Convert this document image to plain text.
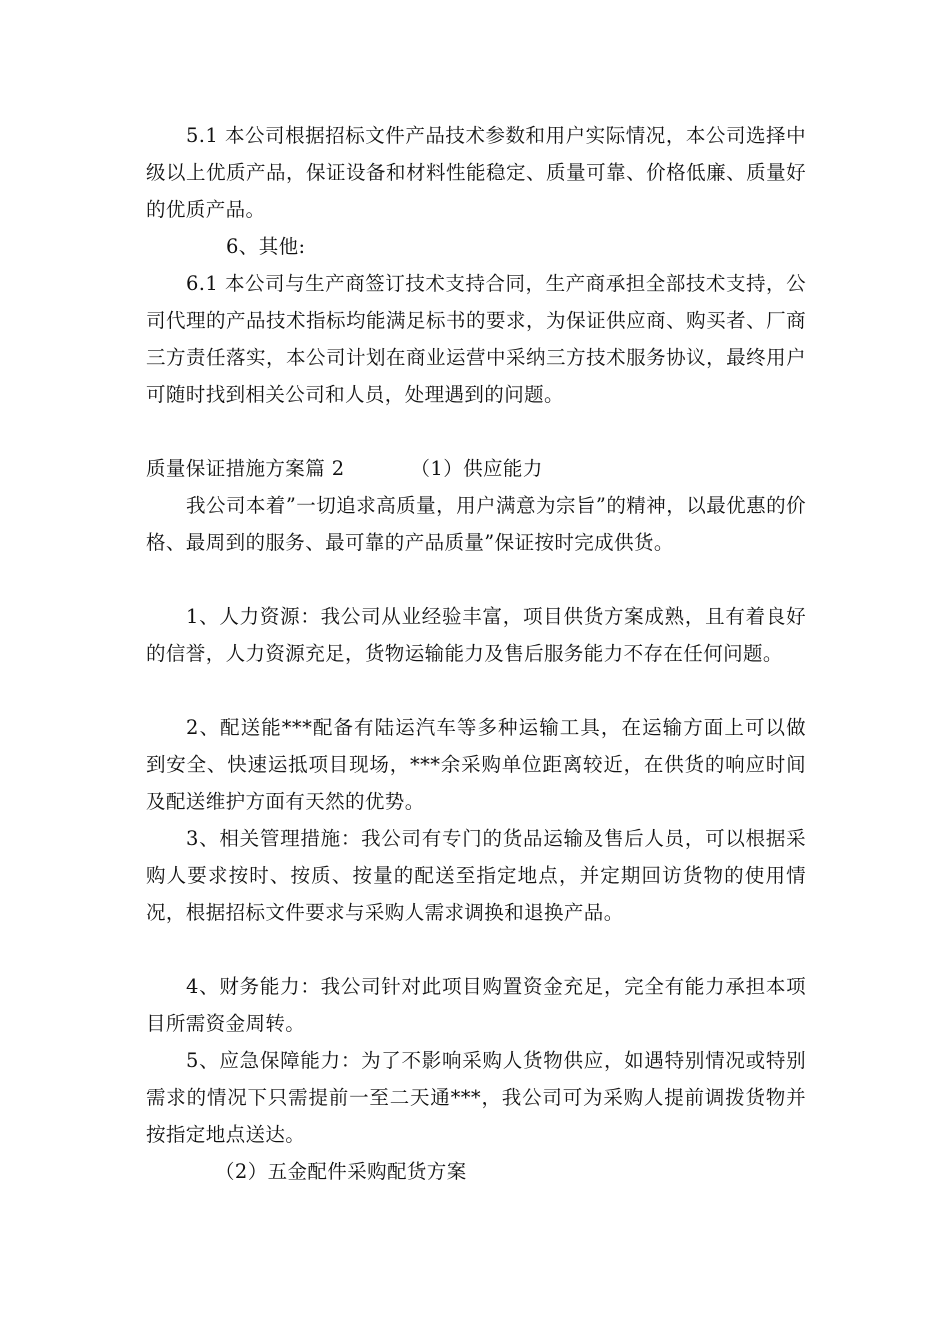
5.1 本公司根据招标文件产品技术参数和用户实际情况，本公司选择中级以上优质产品，保证设备和材料性能稳定、质量可靠、价格低廉、质量好的优质产品。
6、其他:
6.1 本公司与生产商签订技术支持合同，生产商承担全部技术支持，公司代理的产品技术指标均能满足标书的要求，为保证供应商、购买者、厂商三方责任落实，本公司计划在商业运营中采纳三方技术服务协议，最终用户可随时找到相关公司和人员，处理遇到的问题。
质量保证措施方案篇 2	（1）供应能力
我公司本着”一切追求高质量，用户满意为宗旨”的精神，以最优惠的价格、最周到的服务、最可靠的产品质量”保证按时完成供货。
1、人力资源：我公司从业经验丰富，项目供货方案成熟，且有着良好的信誉，人力资源充足，货物运输能力及售后服务能力不存在任何问题。
2、配送能***配备有陆运汽车等多种运输工具，在运输方面上可以做到安全、快速运抵项目现场，***余采购单位距离较近，在供货的响应时间及配送维护方面有天然的优势。
3、相关管理措施：我公司有专门的货品运输及售后人员，可以根据采购人要求按时、按质、按量的配送至指定地点，并定期回访货物的使用情况，根据招标文件要求与采购人需求调换和退换产品。
4、财务能力：我公司针对此项目购置资金充足，完全有能力承担本项目所需资金周转。
5、应急保障能力：为了不影响采购人货物供应，如遇特别情况或特别需求的情况下只需提前一至二天通***，我公司可为采购人提前调拨货物并按指定地点送达。
（2）五金配件采购配货方案
